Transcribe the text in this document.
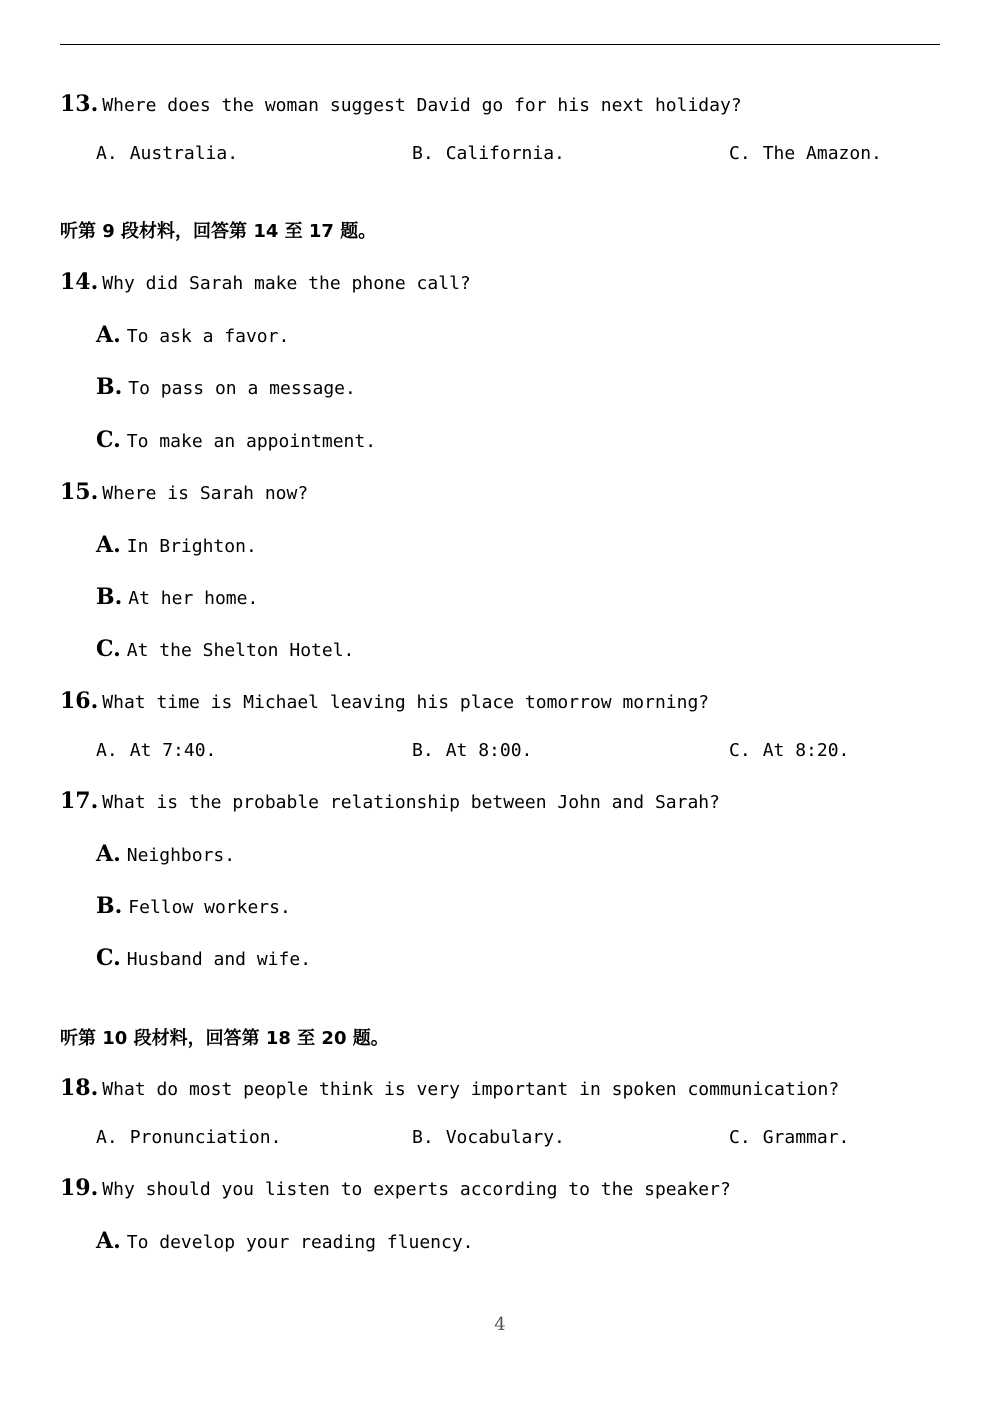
13. Where does the woman suggest David go for his next holiday?
A. Australia.	B. California.	C. The Amazon.
听第 9 段材料，回答第 14 至 17 题。
14. Why did Sarah make the phone call?
A. To ask a favor.
B. To pass on a message.
C. To make an appointment.
15. Where is Sarah now?
A. In Brighton.
B. At her home.
C. At the Shelton Hotel.
16. What time is Michael leaving his place tomorrow morning?
A. At 7:40.	B. At 8:00.	C. At 8:20.
17. What is the probable relationship between John and Sarah?
A. Neighbors.
B. Fellow workers.
C. Husband and wife.
听第 10 段材料，回答第 18 至 20 题。
18. What do most people think is very important in spoken communication?
A. Pronunciation.	B. Vocabulary.	C. Grammar.
19. Why should you listen to experts according to the speaker?
A. To develop your reading fluency.
4
